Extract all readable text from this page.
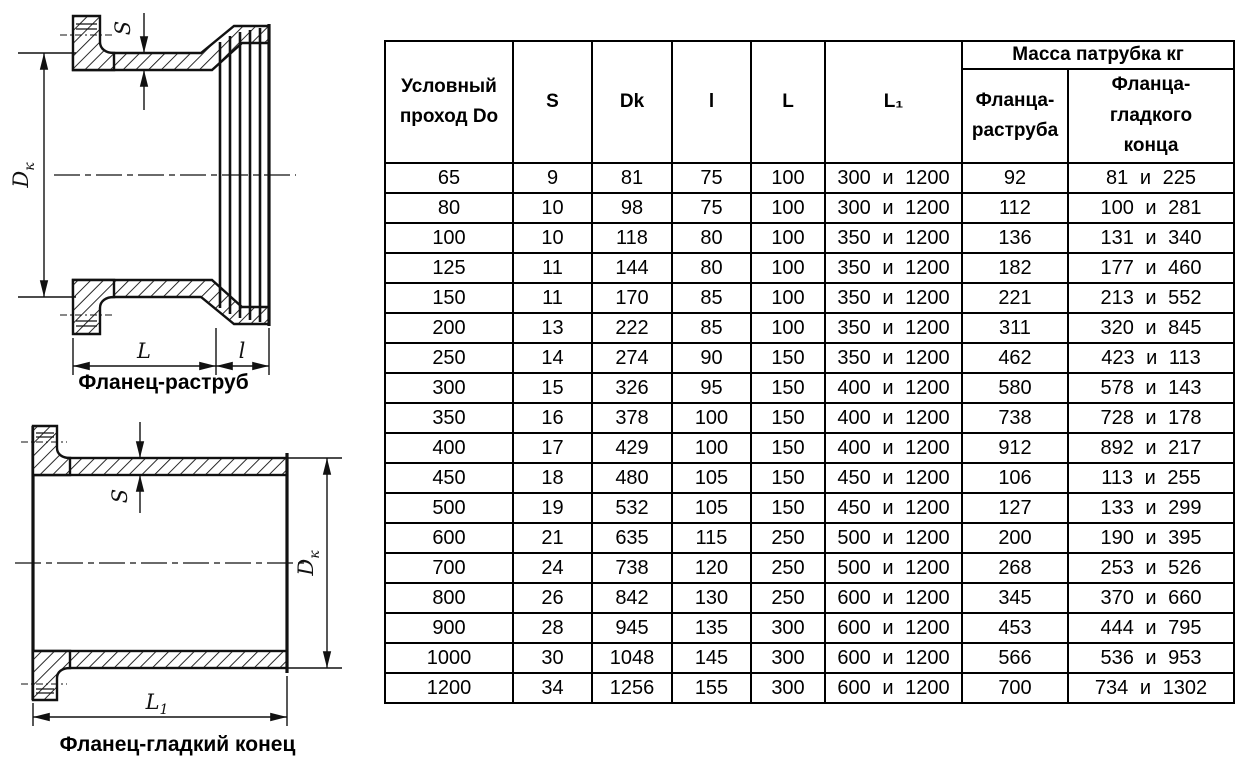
$D_к$
S
L	l
Фланец-раструб
S
$D_к$
$L_1$
Фланец-гладкий конец
Условный проход Do	S	Dk	l	L	L₁	Масса патрубка кг	
						Фланца-раструба	Фланца-гладкого конца
65	9	81	75	100	300 и 1200	92	81 и 225
80	10	98	75	100	300 и 1200	112	100 и 281
100	10	118	80	100	350 и 1200	136	131 и 340
125	11	144	80	100	350 и 1200	182	177 и 460
150	11	170	85	100	350 и 1200	221	213 и 552
200	13	222	85	100	350 и 1200	311	320 и 845
250	14	274	90	150	350 и 1200	462	423 и 113
300	15	326	95	150	400 и 1200	580	578 и 143
350	16	378	100	150	400 и 1200	738	728 и 178
400	17	429	100	150	400 и 1200	912	892 и 217
450	18	480	105	150	450 и 1200	106	113 и 255
500	19	532	105	150	450 и 1200	127	133 и 299
600	21	635	115	250	500 и 1200	200	190 и 395
700	24	738	120	250	500 и 1200	268	253 и 526
800	26	842	130	250	600 и 1200	345	370 и 660
900	28	945	135	300	600 и 1200	453	444 и 795
1000	30	1048	145	300	600 и 1200	566	536 и 953
1200	34	1256	155	300	600 и 1200	700	734 и 1302
